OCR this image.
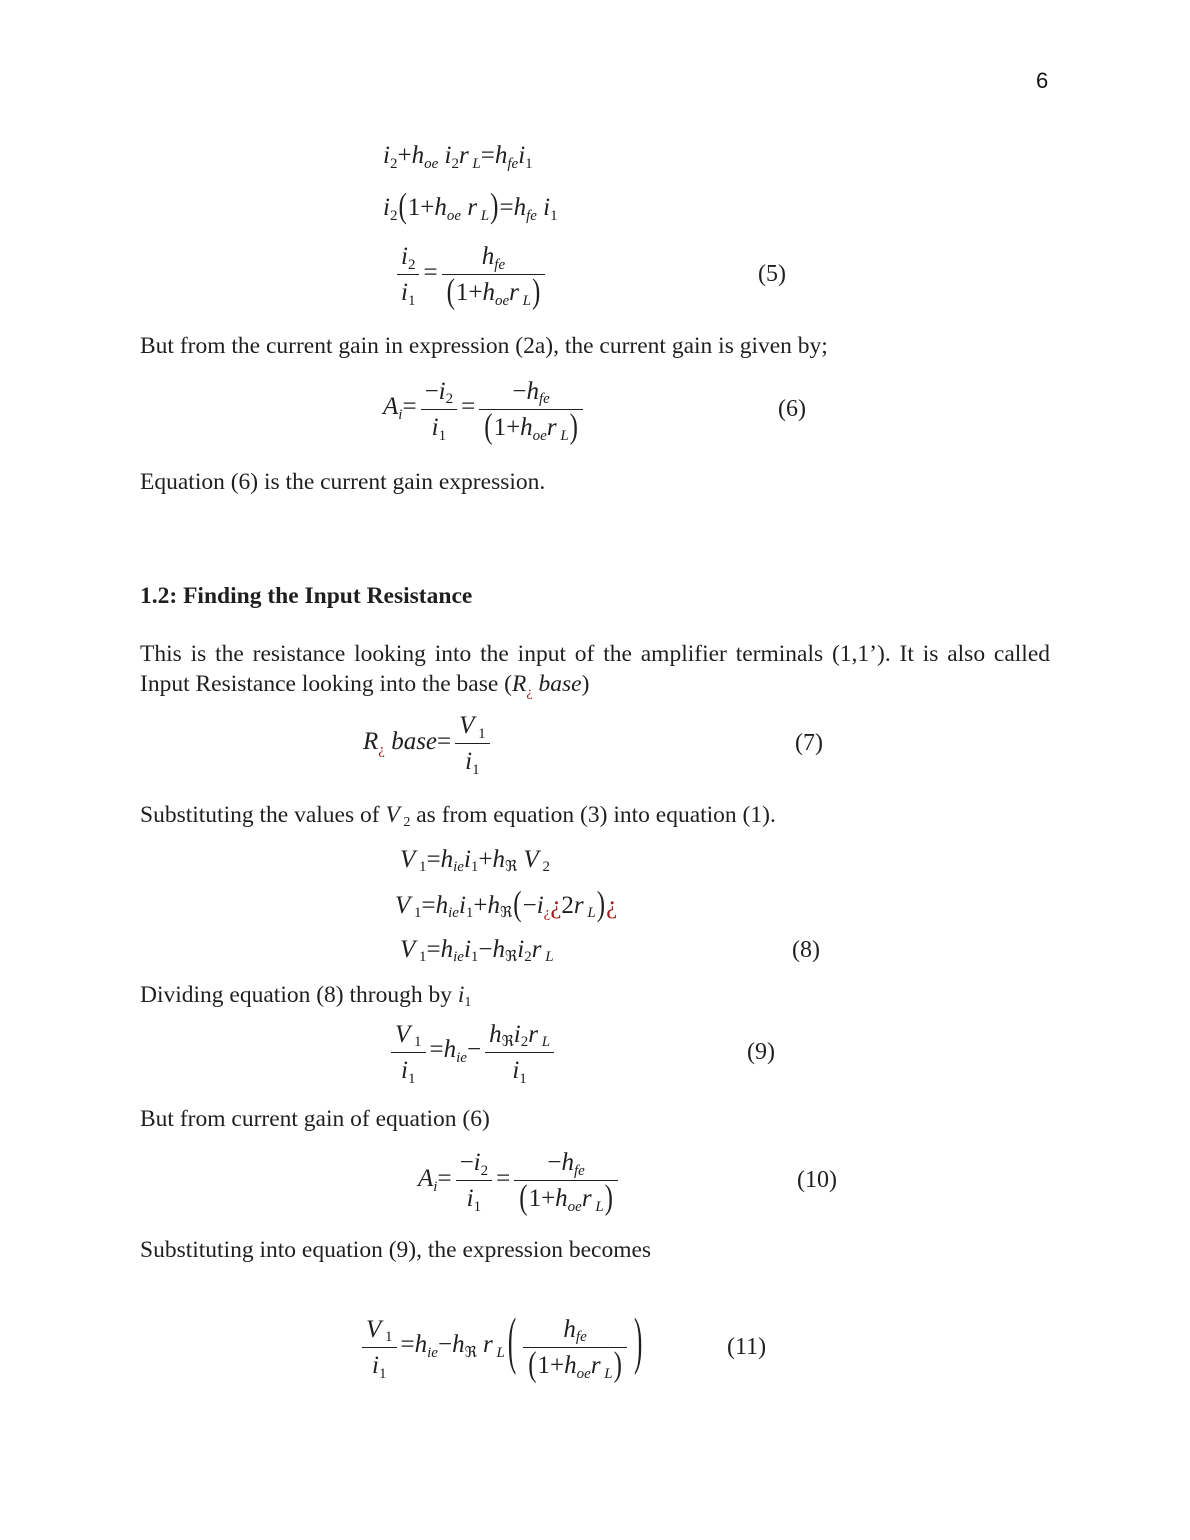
6
$i_2+h_{oe}$ $i_2r$ $_L=h_{fe}i_1$
$i_2(1+h_{oe}$ r $_L)=h_{fe}$ $i_1$
$\frac{i_2}{i_1} = \frac{h_{fe}}{(1+h_{oe}r _L)}$	(5)

But from the current gain in expression (2a), the current gain is given by;

$A_i= \frac{-i_2}{i_1} = \frac{-h_{fe}}{(1+h_{oe}r _L)}$	(6)

Equation (6) is the current gain expression.

1.2: Finding the Input Resistance

This is the resistance looking into the input of the amplifier terminals (1,1’). It is also called Input Resistance looking into the base ($R_¿$ base)

$R_¿$ base= $\frac{V _1}{i_1}$	(7)

Substituting the values of V $_2$ as from equation (3) into equation (1).

V $_1=h_{ie}i_1+h_ℜ$ V $_2$
V $_1=h_{ie}i_1+h_ℜ(-i_¿¿2r$ $_L$)¿
V $_1=h_{ie}i_1-h_ℜi_2r$ $_L$	(8)

Dividing equation (8) through by $i_1$

$\frac{V _1}{i_1} =h_{ie}- \frac{h_ℜi_2r _L}{i_1}$	(9)

But from current gain of equation (6)

$A_i= \frac{-i_2}{i_1} = \frac{-h_{fe}}{(1+h_{oe}r _L)}$	(10)

Substituting into equation (9), the expression becomes

$\frac{V _1}{i_1} =h_{ie}-h_ℜ$ r $_L$ ( $\frac{h_{fe}}{(1+h_{oe}r _L)}$ )	(11)
